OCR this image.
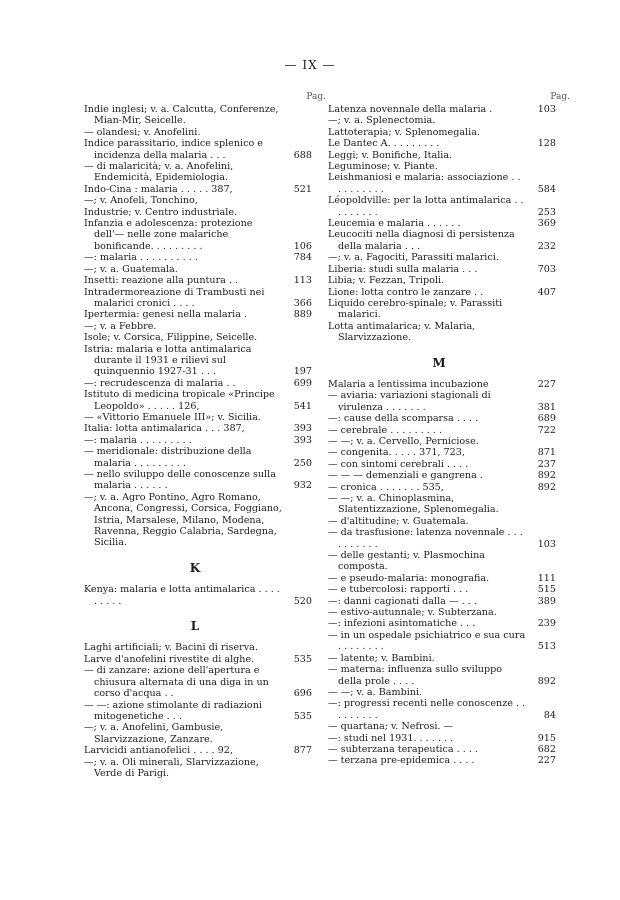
— IX —
Pag.
Indie inglesi; v. a. Calcutta, Conferenze, Mian-Mir, Seicelle.
— olandesi; v. Anofelini.
Indice parassitario, indice splenico e incidenza della malaria . . .	688
— di malaricità; v. a. Anofelini, Endemicità, Epidemiologia.
Indo-Cina : malaria . . . . . 387,	521
—; v. Anofeli, Tonchino,
Industrie; v. Centro industriale.
Infanzia e adolescenza: protezione dell'— nelle zone malariche bonificande. . . . . . . . .	106
—: malaria . . . . . . . . . .	784
—; v. a. Guatemala.
Insetti: reazione alla puntura . .	113
Intradermoreazione di Trambusti nei malarici cronici . . . .	366
Ipertermia: genesi nella malaria .	889
—; v. a Febbre.
Isole; v. Corsica, Filippine, Seicelle.
Istria: malaria e lotta antimalarica durante il 1931 e rilievi sul quinquennio 1927-31 . . .	197
—: recrudescenza di malaria . .	699
Istituto di medicina tropicale «Principe Leopoldo» . . . . . 126,	541
— «Vittorio Emanuele III»; v. Sicilia.
Italia: lotta antimalarica . . . 387,	393
—: malaria . . . . . . . . .	393
— meridionale: distribuzione della malaria . . . . . . . . .	250
— nello sviluppo delle conoscenze sulla malaria . . . . . .	932
—; v. a. Agro Pontino, Agro Romano, Ancona, Congressi, Corsica, Foggiano, Istria, Marsalese, Milano, Modena, Ravenna, Reggio Calabria, Sardegna, Sicilia.
K
Kenya: malaria e lotta antimalarica . . . . . . . . .	520
L
Laghi artificiali; v. Bacini di riserva.
Larve d'anofelini rivestite di alghe.	535
— di zanzare: azione dell'apertura e chiusura alternata di una diga in un corso d'acqua . .	696
— —: azione stimolante di radiazioni mitogenetiche . . .	535
—; v. a. Anofelini, Gambusie, Slarvizzazione, Zanzare.
Larvicidi antianofelici . . . . 92,	877
—; v. a. Oli minerali, Slarvizzazione, Verde di Parigi.
Pag.
Latenza novennale della malaria .	103
—; v. a. Splenectomia.
Lattoterapia; v. Splenomegalia.
Le Dantec A. . . . . . . . .	128
Leggi; v. Bonifiche, Italia.
Leguminose; v. Piante.
Leishmaniosi e malaria: associazione . . . . . . . . . .	584
Léopoldville: per la lotta antimalarica . . . . . . . . .	253
Leucemia e malaria . . . . . .	369
Leucociti nella diagnosi di persistenza della malaria . . .	232
—; v. a. Fagociti, Parassiti malarici.
Liberia: studi sulla malaria . . .	703
Libia; v. Fezzan, Tripoli.
Lione: lotta contro le zanzare . .	407
Liquido cerebro-spinale; v. Parassiti malarici.
Lotta antimalarica; v. Malaria, Slarvizzazione.
M
Malaria a lentissima incubazione	227
— aviaria: variazioni stagionali di virulenza . . . . . . .	381
—: cause della scomparsa . . . .	689
— cerebrale . . . . . . . . .	722
— —; v. a. Cervello, Perniciose.
— congenita. . . . . 371, 723,	871
— con sintomi cerebrali . . . .	237
— — — demenziali e gangrena .	892
— cronica . . . . . . . 535,	892
— —; v. a. Chinoplasmina, Slatentizzazione, Splenomegalia.
— d'altitudine; v. Guatemala.
— da trasfusione: latenza novennale . . . . . . . . . .	103
— delle gestanti; v. Plasmochina composta.
— e pseudo-malaria: monografia.	111
— e tubercolosi: rapporti . . .	515
—: danni cagionati dalla — . . .	389
— estivo-autunnale; v. Subterzana.
—: infezioni asintomatiche . . .	239
— in un ospedale psichiatrico e sua cura . . . . . . . .	513
— latente; v. Bambini.
— materna: influenza sullo sviluppo della prole . . . .	892
— —; v. a. Bambini.
—: progressi recenti nelle conoscenze . . . . . . . . .	84
— quartana; v. Nefrosi. —
—: studi nel 1931. . . . . . .	915
— subterzana terapeutica . . . .	682
— terzana pre-epidemica . . . .	227
